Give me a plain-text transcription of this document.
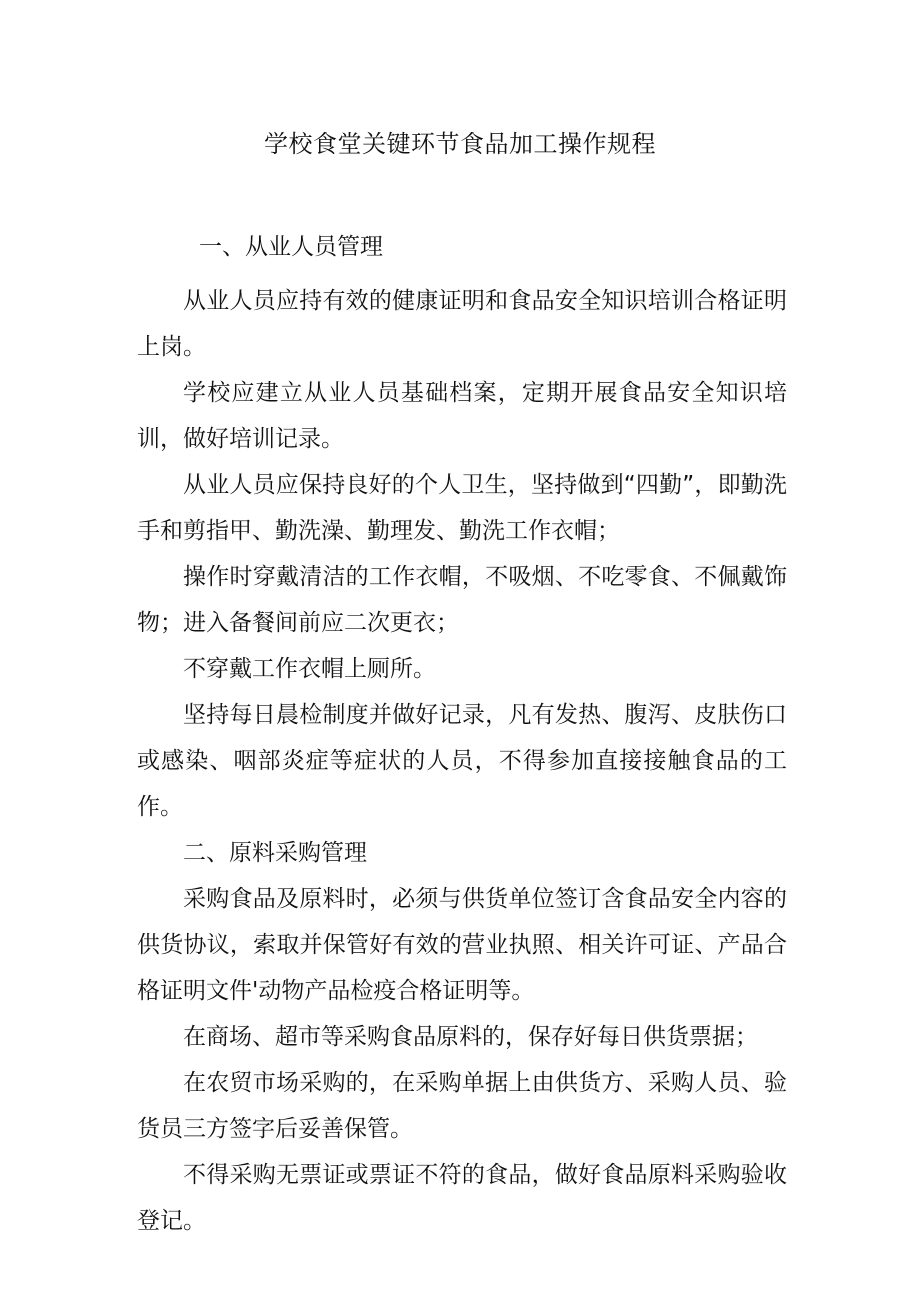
学校食堂关键环节食品加工操作规程

一、从业人员管理

从业人员应持有效的健康证明和食品安全知识培训合格证明上岗。

学校应建立从业人员基础档案，定期开展食品安全知识培训，做好培训记录。

从业人员应保持良好的个人卫生，坚持做到“四勤”，即勤洗手和剪指甲、勤洗澡、勤理发、勤洗工作衣帽；

操作时穿戴清洁的工作衣帽，不吸烟、不吃零食、不佩戴饰物；进入备餐间前应二次更衣；

不穿戴工作衣帽上厕所。

坚持每日晨检制度并做好记录，凡有发热、腹泻、皮肤伤口或感染、咽部炎症等症状的人员，不得参加直接接触食品的工作。

二、原料采购管理

采购食品及原料时，必须与供货单位签订含食品安全内容的供货协议，索取并保管好有效的营业执照、相关许可证、产品合格证明文件'动物产品检疫合格证明等。

在商场、超市等采购食品原料的，保存好每日供货票据；

在农贸市场采购的，在采购单据上由供货方、采购人员、验货员三方签字后妥善保管。

不得采购无票证或票证不符的食品，做好食品原料采购验收登记。
